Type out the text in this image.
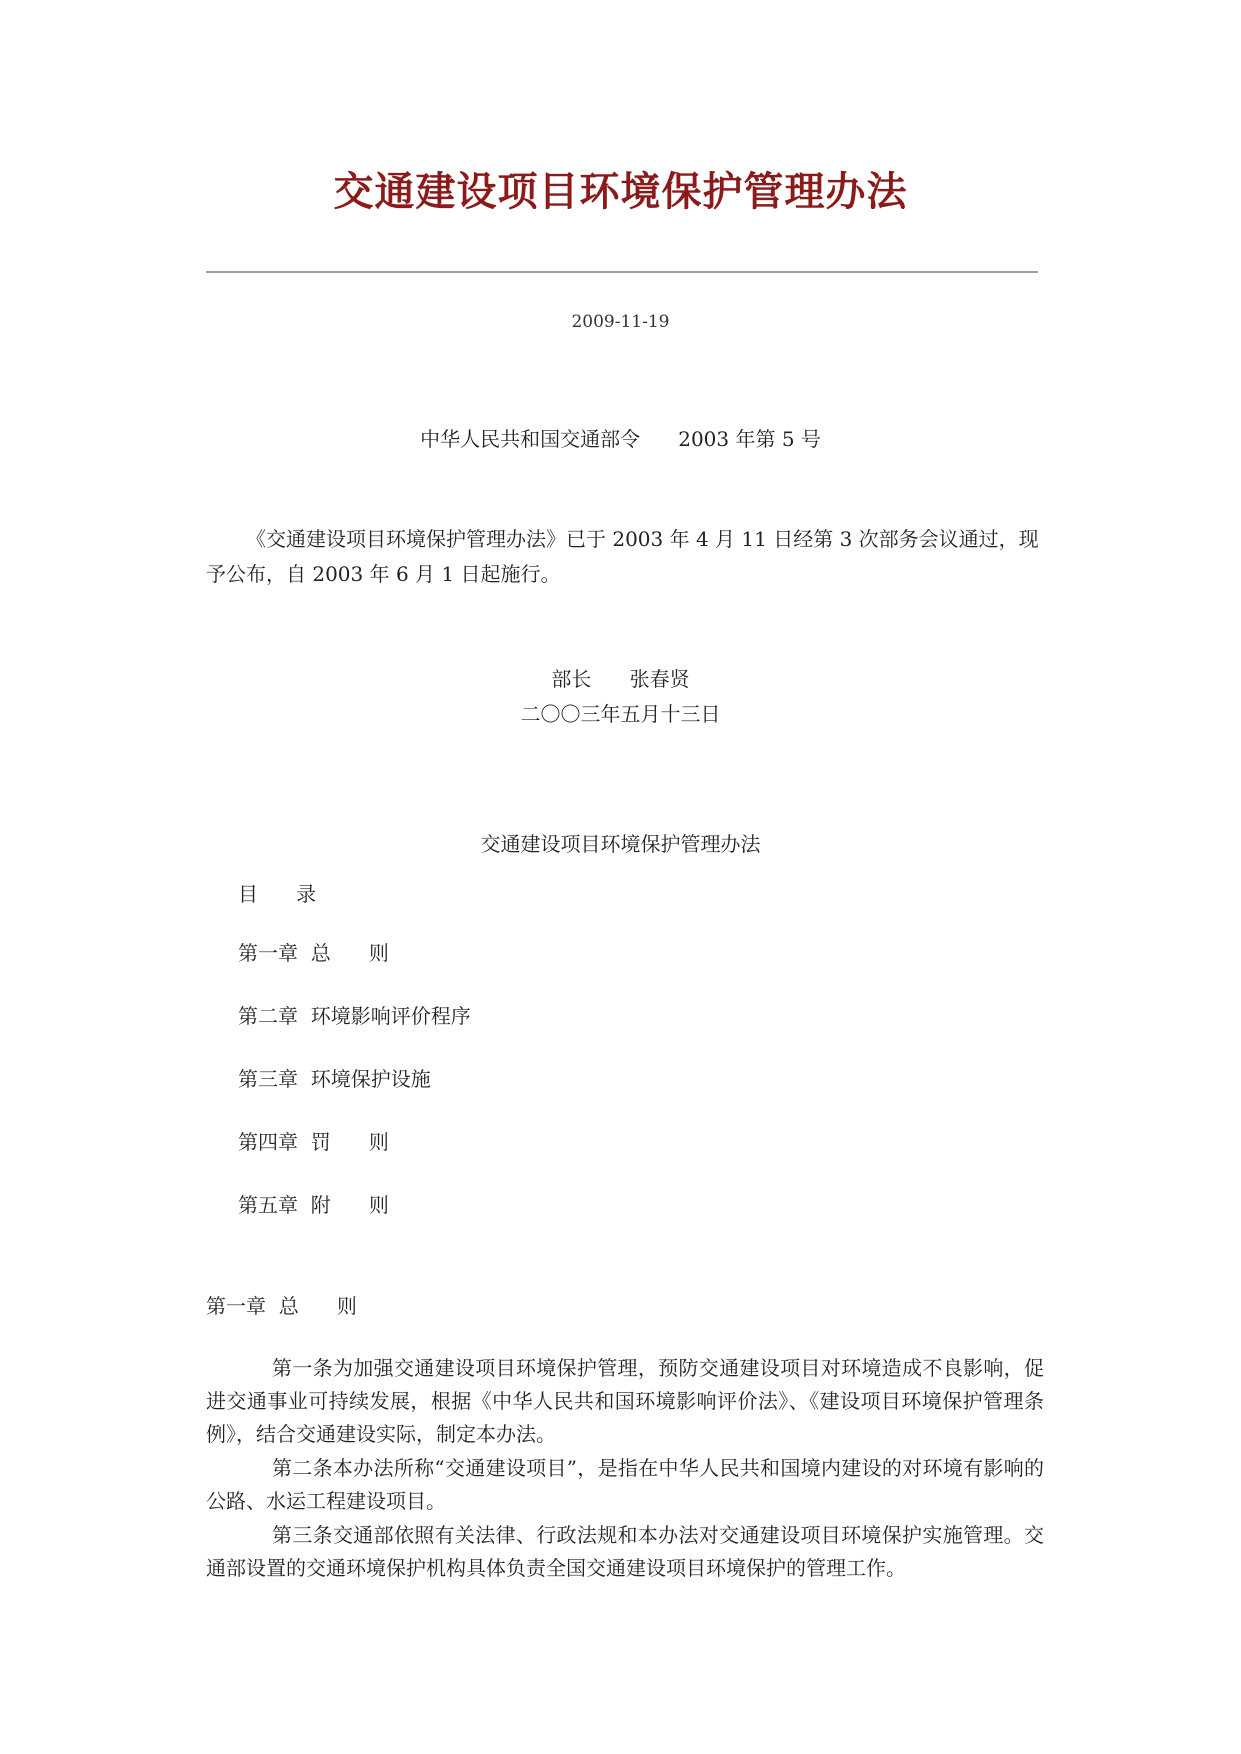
交通建设项目环境保护管理办法
2009-11-19
中华人民共和国交通部令      2003 年第 5 号

《交通建设项目环境保护管理办法》已于 2003 年 4 月 11 日经第 3 次部务会议通过，现予公布，自 2003 年 6 月 1 日起施行。

部长      张春贤
二〇〇三年五月十三日
交通建设项目环境保护管理办法
目      录
第一章  总      则
第二章  环境影响评价程序
第三章  环境保护设施
第四章  罚      则
第五章  附      则
第一章  总      则

第一条为加强交通建设项目环境保护管理，预防交通建设项目对环境造成不良影响，促进交通事业可持续发展，根据《中华人民共和国环境影响评价法》、《建设项目环境保护管理条例》，结合交通建设实际，制定本办法。

第二条本办法所称“交通建设项目”，是指在中华人民共和国境内建设的对环境有影响的公路、水运工程建设项目。

第三条交通部依照有关法律、行政法规和本办法对交通建设项目环境保护实施管理。交通部设置的交通环境保护机构具体负责全国交通建设项目环境保护的管理工作。
